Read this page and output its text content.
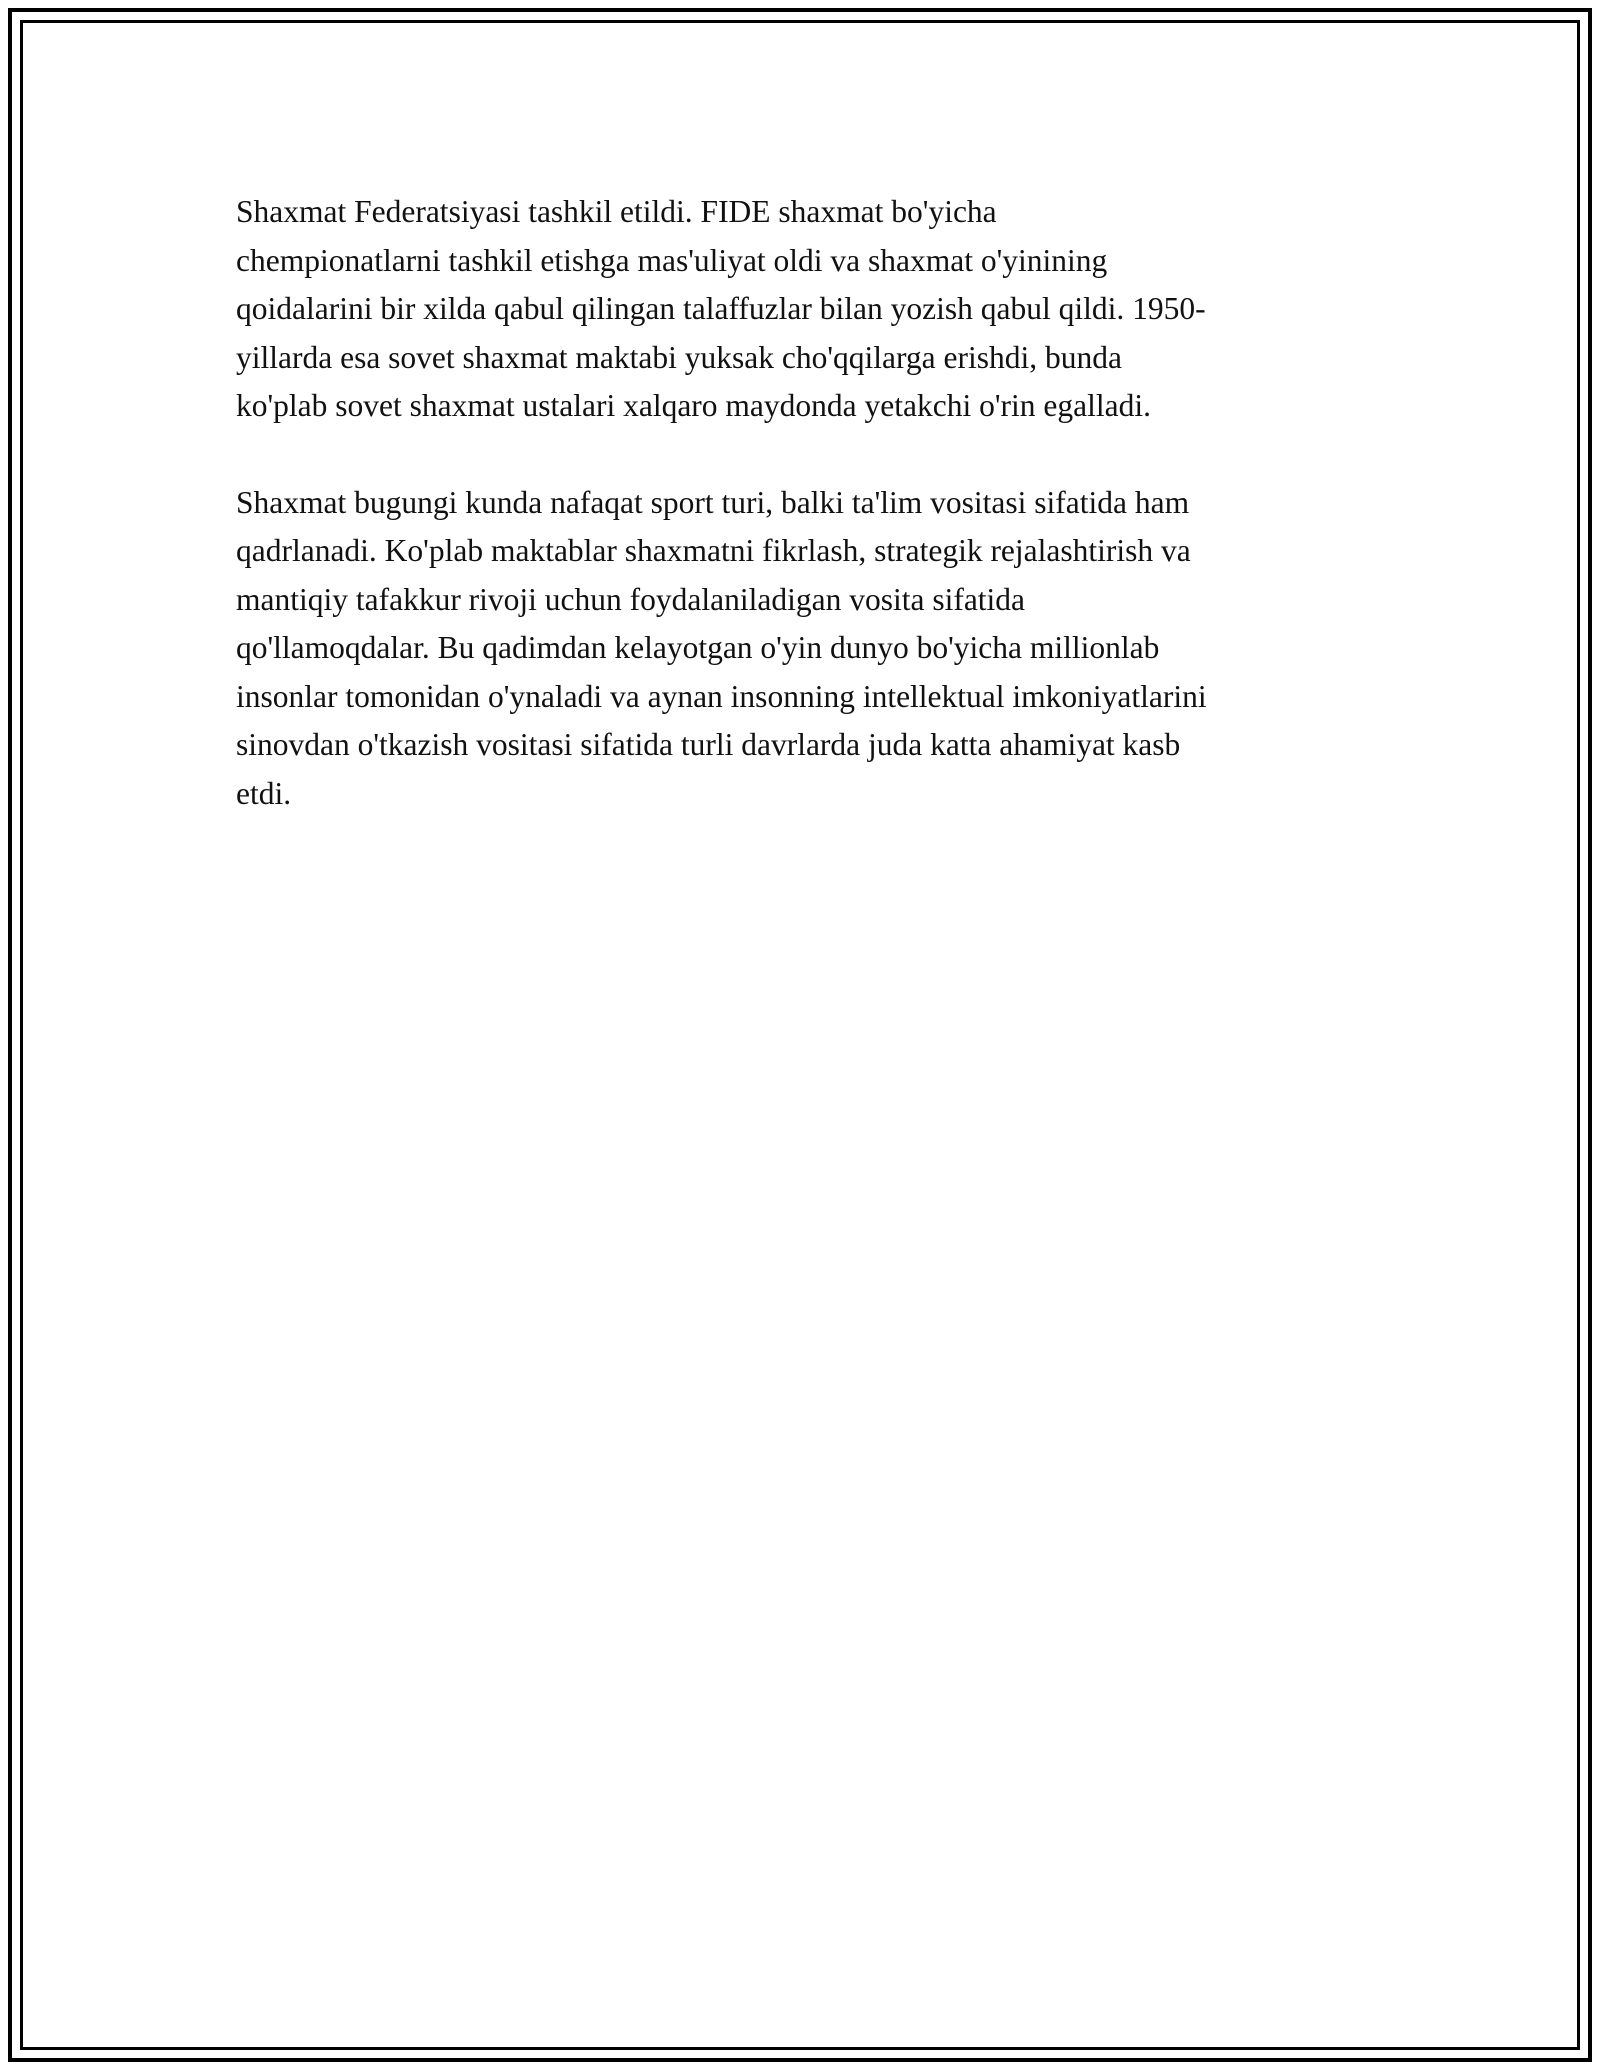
Shaxmat Federatsiyasi tashkil etildi. FIDE shaxmat bo'yicha
chempionatlarni tashkil etishga mas'uliyat oldi va shaxmat o'yinining
qoidalarini bir xilda qabul qilingan talaffuzlar bilan yozish qabul qildi. 1950-
yillarda esa sovet shaxmat maktabi yuksak cho'qqilarga erishdi, bunda
ko'plab sovet shaxmat ustalari xalqaro maydonda yetakchi o'rin egalladi.

Shaxmat bugungi kunda nafaqat sport turi, balki ta'lim vositasi sifatida ham
qadrlanadi. Ko'plab maktablar shaxmatni fikrlash, strategik rejalashtirish va
mantiqiy tafakkur rivoji uchun foydalaniladigan vosita sifatida
qo'llamoqdalar. Bu qadimdan kelayotgan o'yin dunyo bo'yicha millionlab
insonlar tomonidan o'ynaladi va aynan insonning intellektual imkoniyatlarini
sinovdan o'tkazish vositasi sifatida turli davrlarda juda katta ahamiyat kasb
etdi.
